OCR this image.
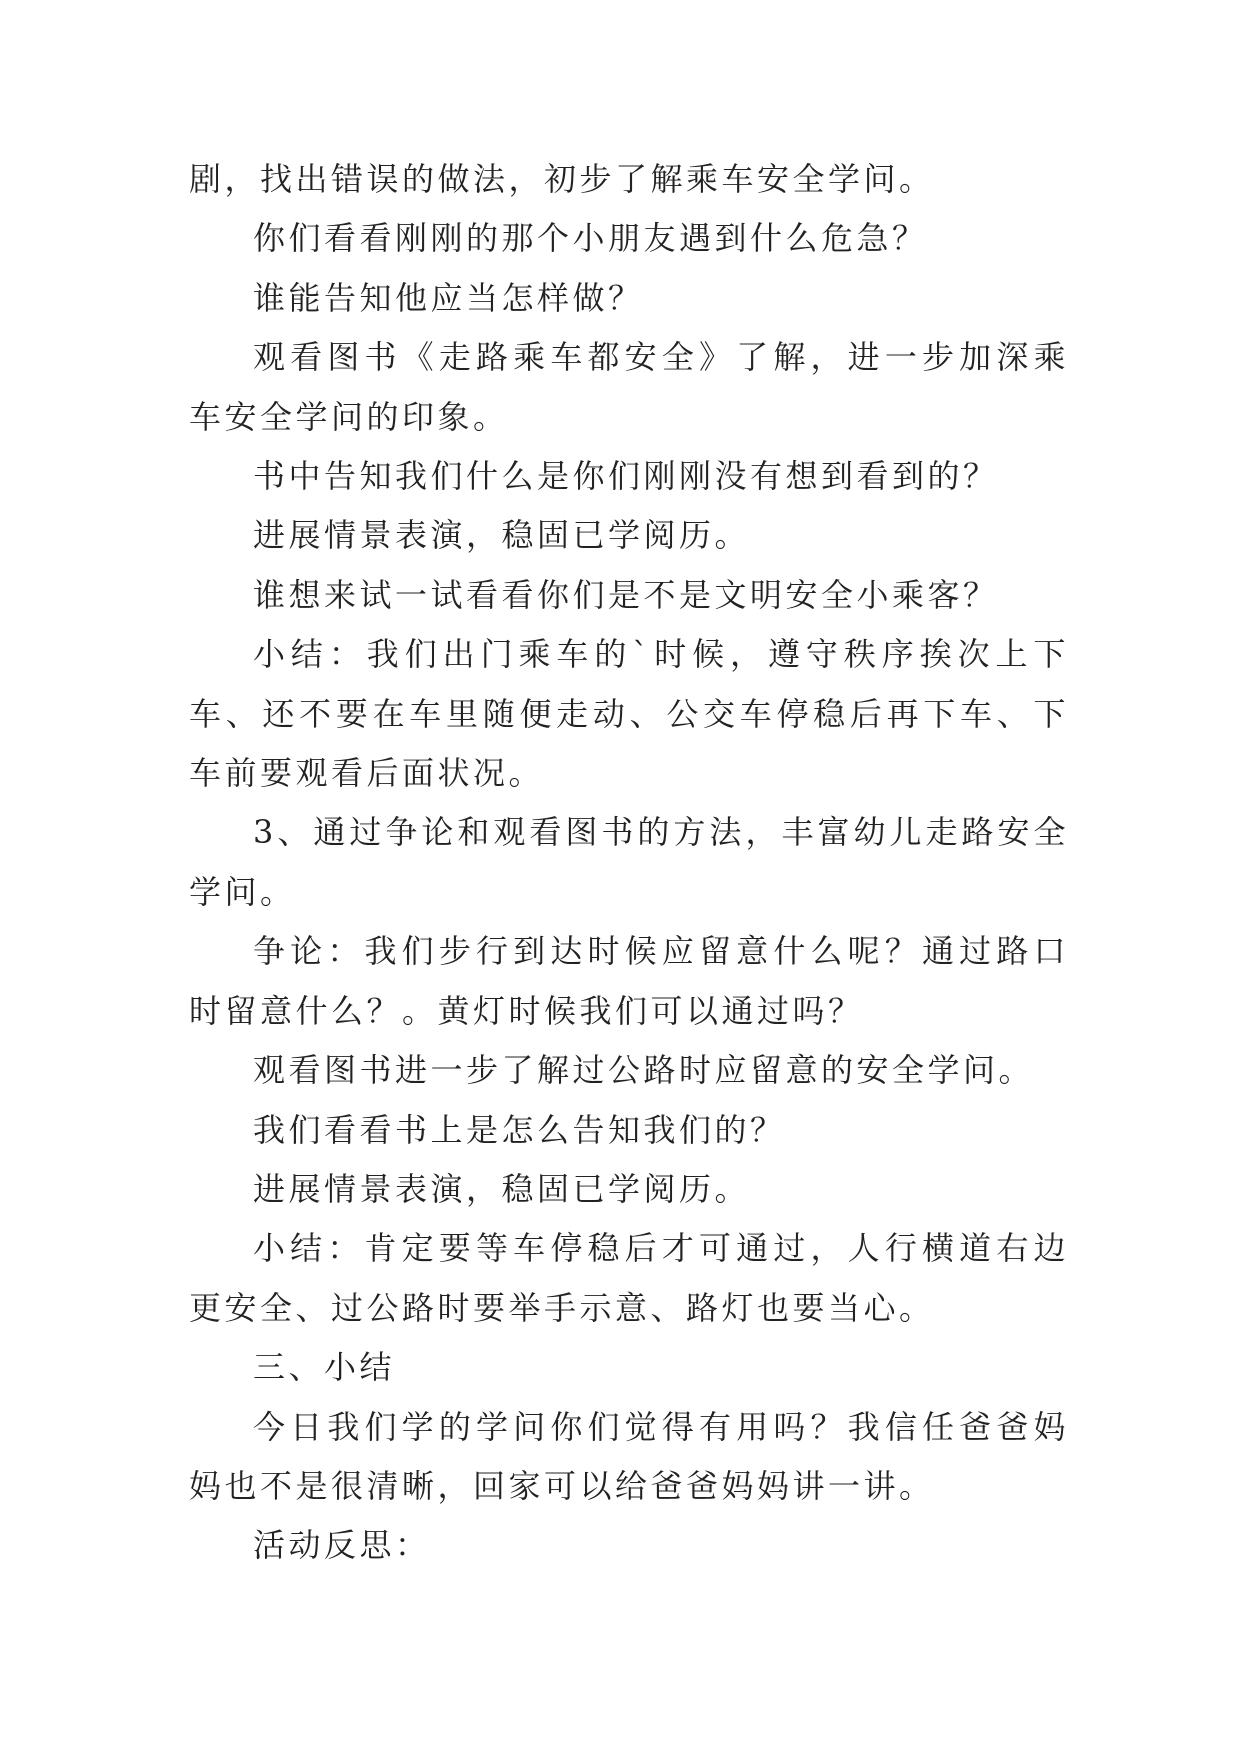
剧，找出错误的做法，初步了解乘车安全学问。

你们看看刚刚的那个小朋友遇到什么危急？

谁能告知他应当怎样做？

观看图书《走路乘车都安全》了解，进一步加深乘车安全学问的印象。

书中告知我们什么是你们刚刚没有想到看到的？

进展情景表演，稳固已学阅历。

谁想来试一试看看你们是不是文明安全小乘客？

小结：我们出门乘车的`时候，遵守秩序挨次上下车、还不要在车里随便走动、公交车停稳后再下车、下车前要观看后面状况。

3、通过争论和观看图书的方法，丰富幼儿走路安全学问。

争论：我们步行到达时候应留意什么呢？通过路口时留意什么？。黄灯时候我们可以通过吗？

观看图书进一步了解过公路时应留意的安全学问。

我们看看书上是怎么告知我们的？

进展情景表演，稳固已学阅历。

小结：肯定要等车停稳后才可通过，人行横道右边更安全、过公路时要举手示意、路灯也要当心。

三、小结

今日我们学的学问你们觉得有用吗？我信任爸爸妈妈也不是很清晰，回家可以给爸爸妈妈讲一讲。

活动反思：
